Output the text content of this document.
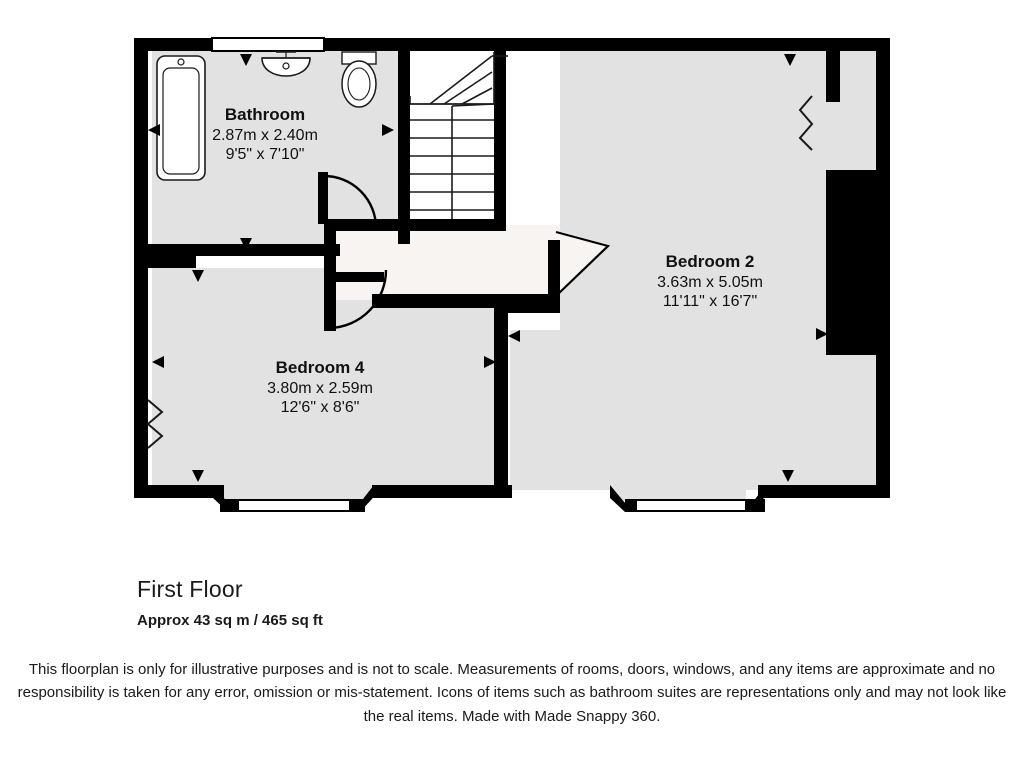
Bathroom
2.87m x 2.40m
9'5" x 7'10"
Bedroom 4
3.80m x 2.59m
12'6" x 8'6"
Bedroom 2
3.63m x 5.05m
11'11" x 16'7"
First Floor
Approx 43 sq m / 465 sq ft
This floorplan is only for illustrative purposes and is not to scale. Measurements of rooms, doors, windows, and any items are approximate and no responsibility is taken for any error, omission or mis-statement. Icons of items such as bathroom suites are representations only and may not look like the real items. Made with Made Snappy 360.
